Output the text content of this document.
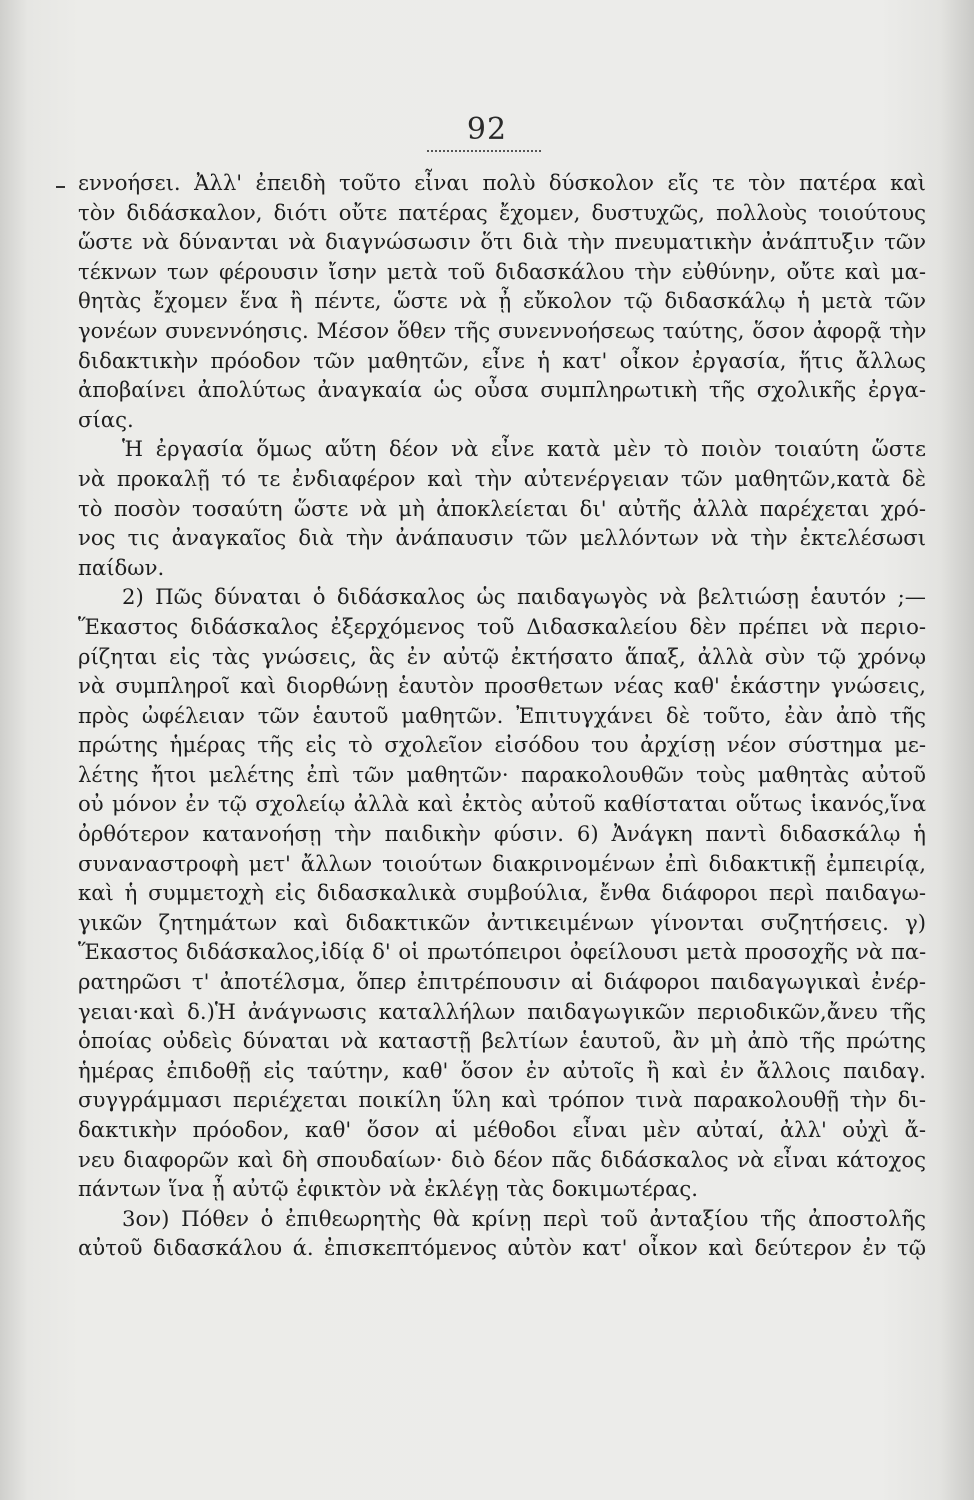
92
εννοήσει. Ἀλλ' ἐπειδὴ τοῦτο εἶναι πολὺ δύσκολον εἴς τε τὸν πατέρα καὶ
τὸν διδάσκαλον, διότι οὔτε πατέρας ἔχομεν, δυστυχῶς, πολλοὺς τοιούτους
ὥστε νὰ δύνανται νὰ διαγνώσωσιν ὅτι διὰ τὴν πνευματικὴν ἀνάπτυξιν τῶν
τέκνων των φέρουσιν ἴσην μετὰ τοῦ διδασκάλου τὴν εὐθύνην, οὔτε καὶ μα-
θητὰς ἔχομεν ἕνα ἢ πέντε, ὥστε νὰ ᾖ εὔκολον τῷ διδασκάλῳ ἡ μετὰ τῶν
γονέων συνεννόησις. Μέσον ὅθεν τῆς συνεννοήσεως ταύτης, ὅσον ἀφορᾷ τὴν
διδακτικὴν πρόοδον τῶν μαθητῶν, εἶνε ἡ κατ' οἶκον ἐργασία, ἥτις ἄλλως
ἀποβαίνει ἀπολύτως ἀναγκαία ὡς οὖσα συμπληρωτικὴ τῆς σχολικῆς ἐργα-
σίας.
Ἡ ἐργασία ὅμως αὕτη δέον νὰ εἶνε κατὰ μὲν τὸ ποιὸν τοιαύτη ὥστε
νὰ προκαλῇ τό τε ἐνδιαφέρον καὶ τὴν αὐτενέργειαν τῶν μαθητῶν,κατὰ δὲ
τὸ ποσὸν τοσαύτη ὥστε νὰ μὴ ἀποκλείεται δι' αὐτῆς ἀλλὰ παρέχεται χρό-
νος τις ἀναγκαῖος διὰ τὴν ἀνάπαυσιν τῶν μελλόντων νὰ τὴν ἐκτελέσωσι
παίδων.
2) Πῶς δύναται ὁ διδάσκαλος ὡς παιδαγωγὸς νὰ βελτιώσῃ ἑαυτόν ;—
Ἕκαστος διδάσκαλος ἐξερχόμενος τοῦ Διδασκαλείου δὲν πρέπει νὰ περιο-
ρίζηται εἰς τὰς γνώσεις, ἃς ἐν αὐτῷ ἐκτήσατο ἅπαξ, ἀλλὰ σὺν τῷ χρόνῳ
νὰ συμπληροῖ καὶ διορθώνῃ ἑαυτὸν προσθετων νέας καθ' ἑκάστην γνώσεις,
πρὸς ὠφέλειαν τῶν ἑαυτοῦ μαθητῶν. Ἐπιτυγχάνει δὲ τοῦτο, ἐὰν ἀπὸ τῆς
πρώτης ἡμέρας τῆς εἰς τὸ σχολεῖον εἰσόδου του ἀρχίσῃ νέον σύστημα με-
λέτης ἤτοι μελέτης ἐπὶ τῶν μαθητῶν· παρακολουθῶν τοὺς μαθητὰς αὐτοῦ
οὐ μόνον ἐν τῷ σχολείῳ ἀλλὰ καὶ ἐκτὸς αὐτοῦ καθίσταται οὕτως ἱκανός,ἵνα
ὀρθότερον κατανοήσῃ τὴν παιδικὴν φύσιν. 6) Ἀνάγκη παντὶ διδασκάλῳ ἡ
συναναστροφὴ μετ' ἄλλων τοιούτων διακρινομένων ἐπὶ διδακτικῇ ἐμπειρίᾳ,
καὶ ἡ συμμετοχὴ εἰς διδασκαλικὰ συμβούλια, ἔνθα διάφοροι περὶ παιδαγω-
γικῶν ζητημάτων καὶ διδακτικῶν ἀντικειμένων γίνονται συζητήσεις. γ)
Ἕκαστος διδάσκαλος,ἰδίᾳ δ' οἱ πρωτόπειροι ὀφείλουσι μετὰ προσοχῆς νὰ πα-
ρατηρῶσι τ' ἀποτέλσμα, ὅπερ ἐπιτρέπουσιν αἱ διάφοροι παιδαγωγικαὶ ἐνέρ-
γειαι·καὶ δ.)Ἡ ἀνάγνωσις καταλλήλων παιδαγωγικῶν περιοδικῶν,ἄνευ τῆς
ὁποίας οὐδεὶς δύναται νὰ καταστῇ βελτίων ἑαυτοῦ, ἂν μὴ ἀπὸ τῆς πρώτης
ἡμέρας ἐπιδοθῇ εἰς ταύτην, καθ' ὅσον ἐν αὐτοῖς ἢ καὶ ἐν ἄλλοις παιδαγ.
συγγράμμασι περιέχεται ποικίλη ὕλη καὶ τρόπον τινὰ παρακολουθῇ τὴν δι-
δακτικὴν πρόοδον, καθ' ὅσον αἱ μέθοδοι εἶναι μὲν αὐταί, ἀλλ' οὐχὶ ἄ-
νευ διαφορῶν καὶ δὴ σπουδαίων· διὸ δέον πᾶς διδάσκαλος νὰ εἶναι κάτοχος
πάντων ἵνα ᾖ αὐτῷ ἐφικτὸν νὰ ἐκλέγῃ τὰς δοκιμωτέρας.
3ον) Πόθεν ὁ ἐπιθεωρητὴς θὰ κρίνῃ περὶ τοῦ ἀνταξίου τῆς ἀποστολῆς
αὐτοῦ διδασκάλου ά. ἐπισκεπτόμενος αὐτὸν κατ' οἶκον καὶ δεύτερον ἐν τῷ
